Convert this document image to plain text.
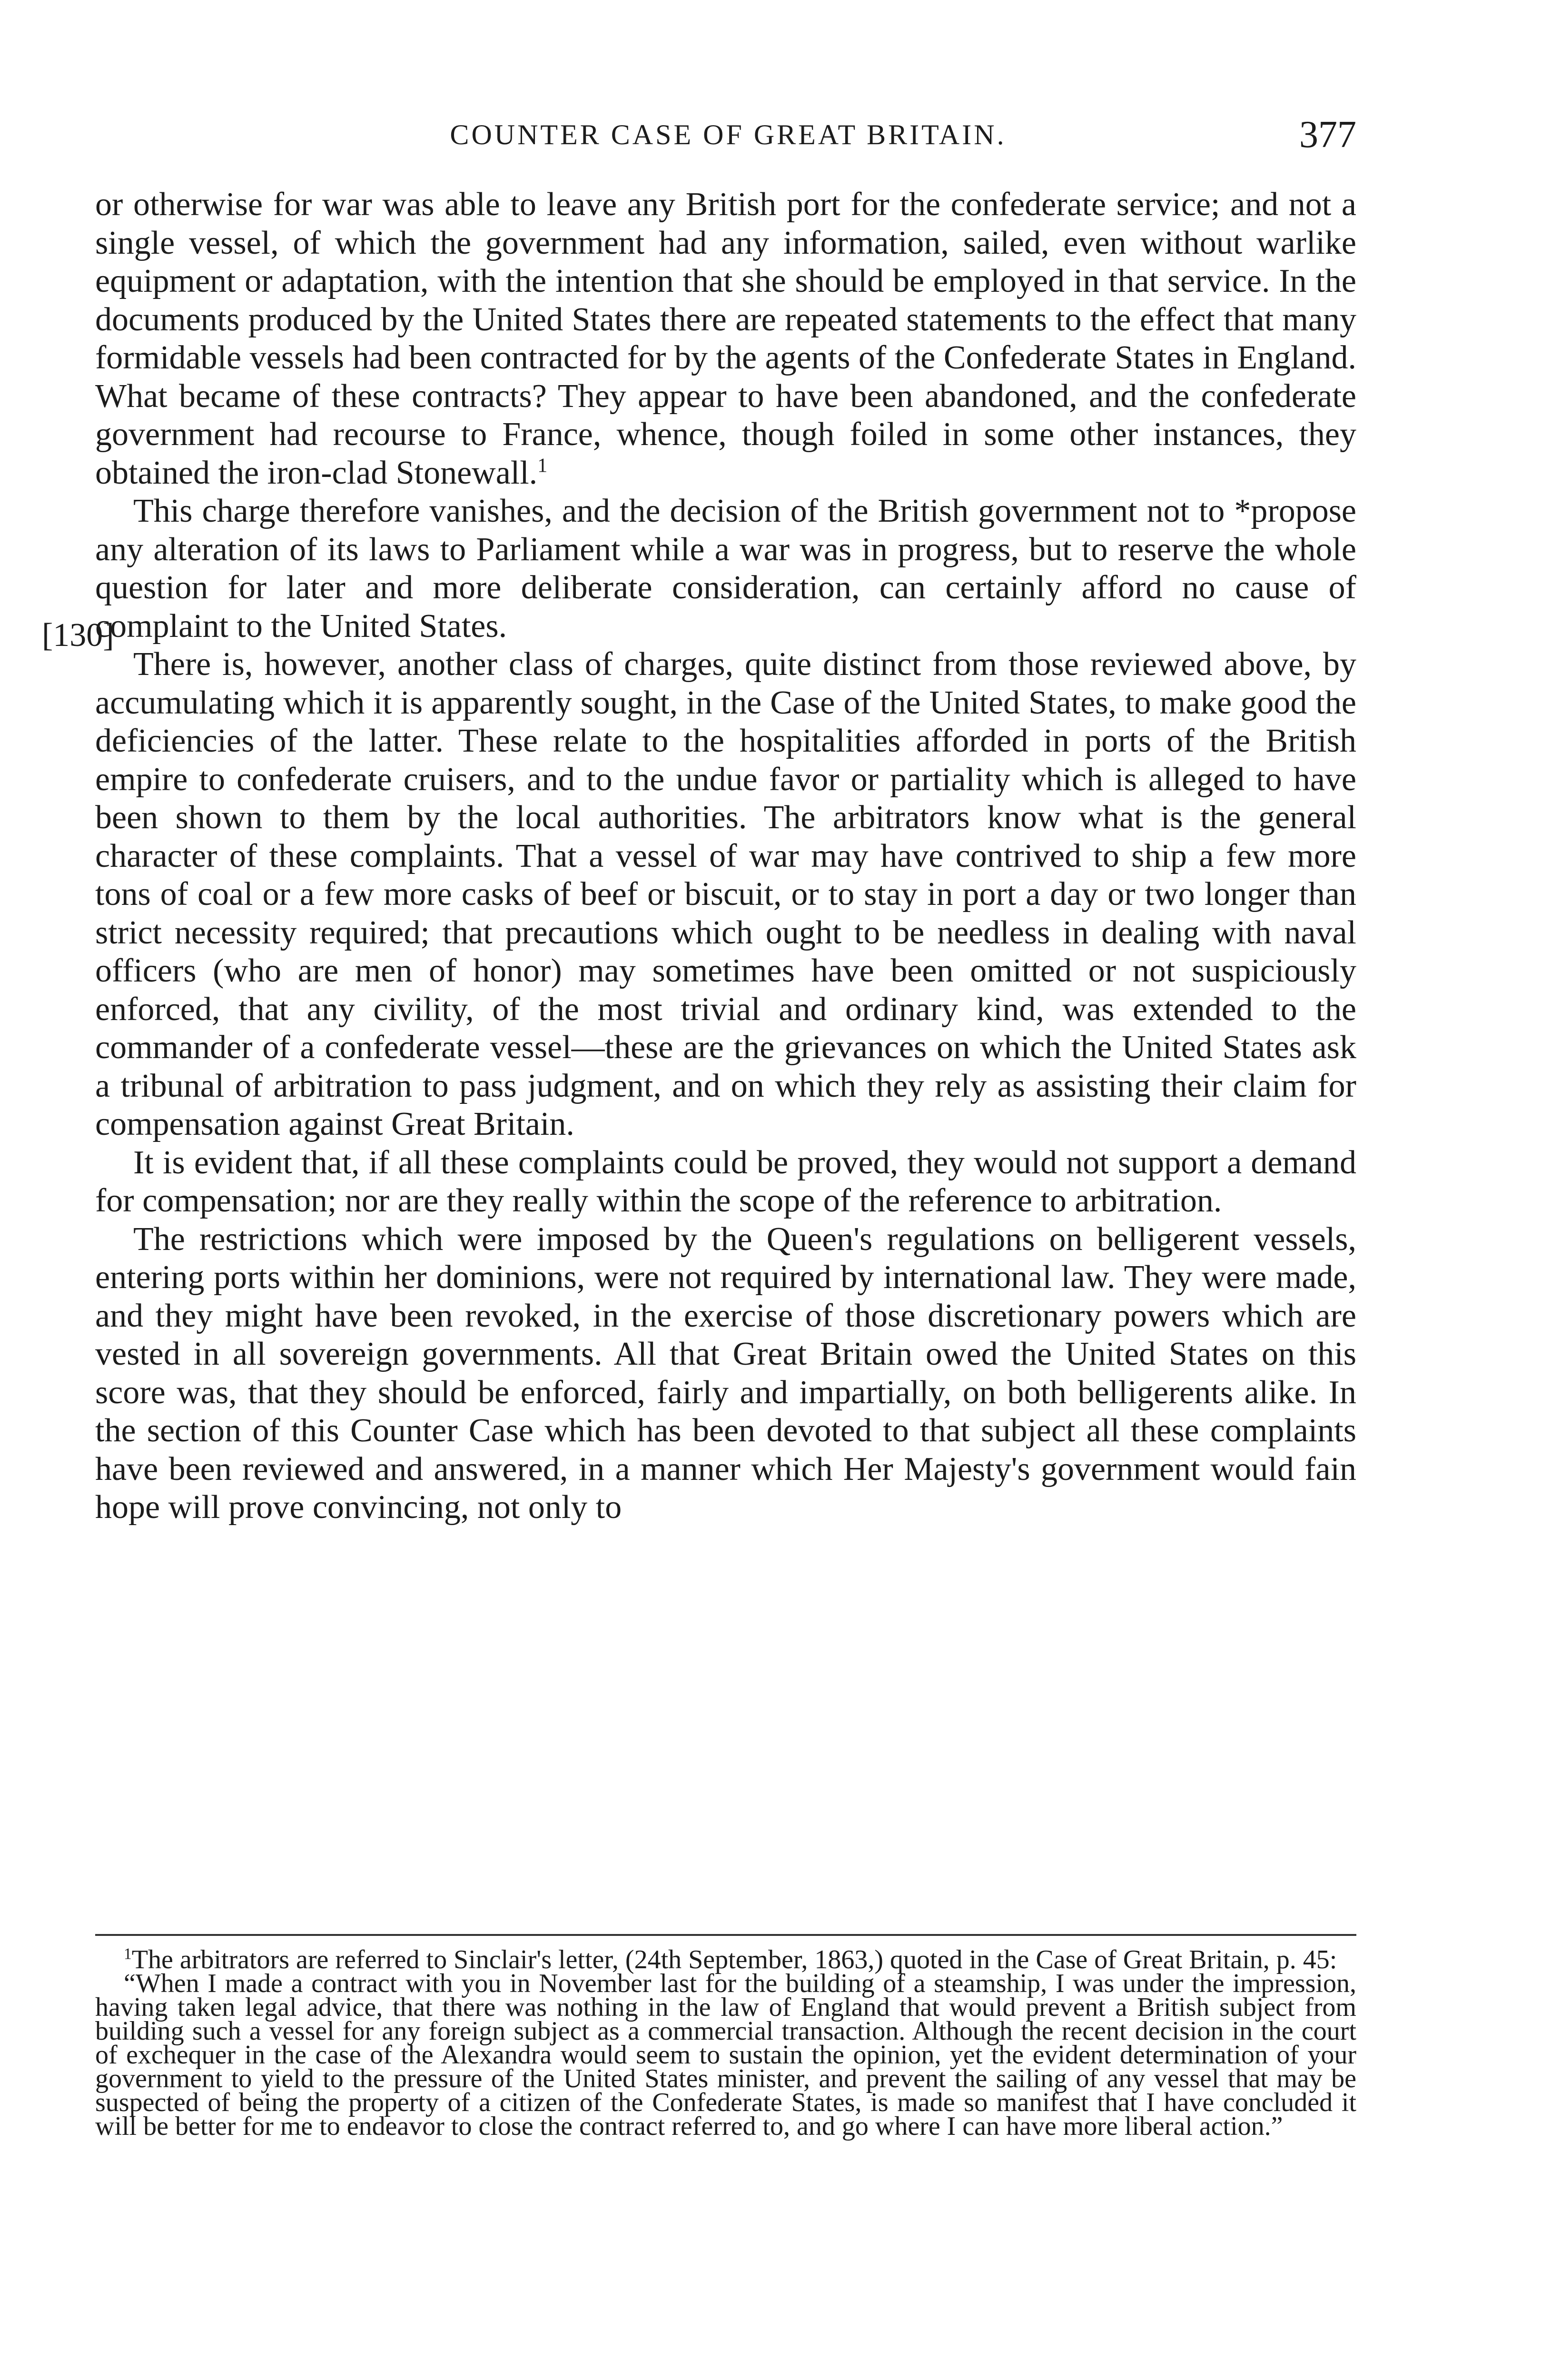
COUNTER CASE OF GREAT BRITAIN.	377
[130]

or otherwise for war was able to leave any British port for the confederate service; and not a single vessel, of which the government had any information, sailed, even without warlike equipment or adaptation, with the intention that she should be employed in that service. In the documents produced by the United States there are repeated statements to the effect that many formidable vessels had been contracted for by the agents of the Confederate States in England. What became of these contracts? They appear to have been abandoned, and the confederate government had recourse to France, whence, though foiled in some other instances, they obtained the iron-clad Stonewall.$^1$

This charge therefore vanishes, and the decision of the British government not to *propose any alteration of its laws to Parliament while a war was in progress, but to reserve the whole question for later and more deliberate consideration, can certainly afford no cause of complaint to the United States.

There is, however, another class of charges, quite distinct from those reviewed above, by accumulating which it is apparently sought, in the Case of the United States, to make good the deficiencies of the latter. These relate to the hospitalities afforded in ports of the British empire to confederate cruisers, and to the undue favor or partiality which is alleged to have been shown to them by the local authorities. The arbitrators know what is the general character of these complaints. That a vessel of war may have contrived to ship a few more tons of coal or a few more casks of beef or biscuit, or to stay in port a day or two longer than strict necessity required; that precautions which ought to be needless in dealing with naval officers (who are men of honor) may sometimes have been omitted or not suspiciously enforced, that any civility, of the most trivial and ordinary kind, was extended to the commander of a confederate vessel—these are the grievances on which the United States ask a tribunal of arbitration to pass judgment, and on which they rely as assisting their claim for compensation against Great Britain.

It is evident that, if all these complaints could be proved, they would not support a demand for compensation; nor are they really within the scope of the reference to arbitration.

The restrictions which were imposed by the Queen's regulations on belligerent vessels, entering ports within her dominions, were not required by international law. They were made, and they might have been revoked, in the exercise of those discretionary powers which are vested in all sovereign governments. All that Great Britain owed the United States on this score was, that they should be enforced, fairly and impartially, on both belligerents alike. In the section of this Counter Case which has been devoted to that subject all these complaints have been reviewed and answered, in a manner which Her Majesty's government would fain hope will prove convincing, not only to

$^1$The arbitrators are referred to Sinclair's letter, (24th September, 1863,) quoted in the Case of Great Britain, p. 45:

“When I made a contract with you in November last for the building of a steamship, I was under the impression, having taken legal advice, that there was nothing in the law of England that would prevent a British subject from building such a vessel for any foreign subject as a commercial transaction. Although the recent decision in the court of exchequer in the case of the Alexandra would seem to sustain the opinion, yet the evident determination of your government to yield to the pressure of the United States minister, and prevent the sailing of any vessel that may be suspected of being the property of a citizen of the Confederate States, is made so manifest that I have concluded it will be better for me to endeavor to close the contract referred to, and go where I can have more liberal action.”
